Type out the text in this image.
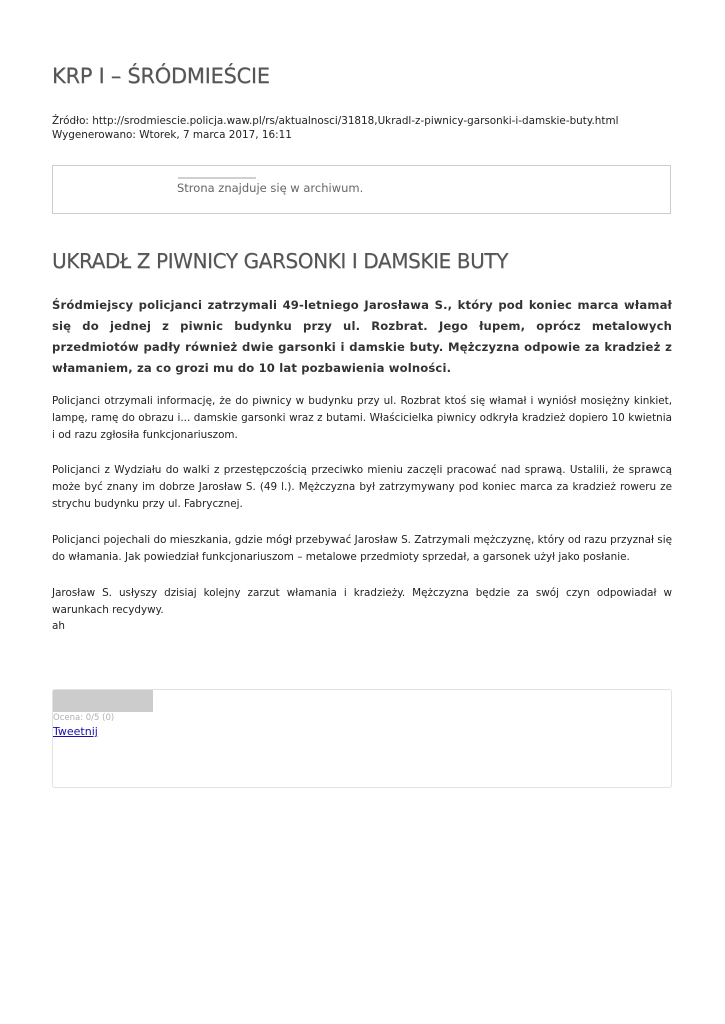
KRP I – ŚRÓDMIEŚCIE
Źródło: http://srodmiescie.policja.waw.pl/rs/aktualnosci/31818,Ukradl-z-piwnicy-garsonki-i-damskie-buty.html
Wygenerowano: Wtorek, 7 marca 2017, 16:11
Strona znajduje się w archiwum.
UKRADŁ Z PIWNICY GARSONKI I DAMSKIE BUTY

Śródmiejscy policjanci zatrzymali 49-letniego Jarosława S., który pod koniec marca włamał się do jednej z piwnic budynku przy ul. Rozbrat. Jego łupem, oprócz metalowych przedmiotów padły również dwie garsonki i damskie buty. Mężczyzna odpowie za kradzież z włamaniem, za co grozi mu do 10 lat pozbawienia wolności.

Policjanci otrzymali informację, że do piwnicy w budynku przy ul. Rozbrat ktoś się włamał i wyniósł mosiężny kinkiet, lampę, ramę do obrazu i... damskie garsonki wraz z butami. Właścicielka piwnicy odkryła kradzież dopiero 10 kwietnia i od razu zgłosiła funkcjonariuszom.

Policjanci z Wydziału do walki z przestępczością przeciwko mieniu zaczęli pracować nad sprawą. Ustalili, że sprawcą może być znany im dobrze Jarosław S. (49 l.). Mężczyzna był zatrzymywany pod koniec marca za kradzież roweru ze strychu budynku przy ul. Fabrycznej.

Policjanci pojechali do mieszkania, gdzie mógł przebywać Jarosław S. Zatrzymali mężczyznę, który od razu przyznał się do włamania. Jak powiedział funkcjonariuszom – metalowe przedmioty sprzedał, a garsonek użył jako posłanie.

Jarosław S. usłyszy dzisiaj kolejny zarzut włamania i kradzieży. Mężczyzna będzie za swój czyn odpowiadał w warunkach recydywy.

ah
Ocena: 0/5 (0)
Tweetnij
